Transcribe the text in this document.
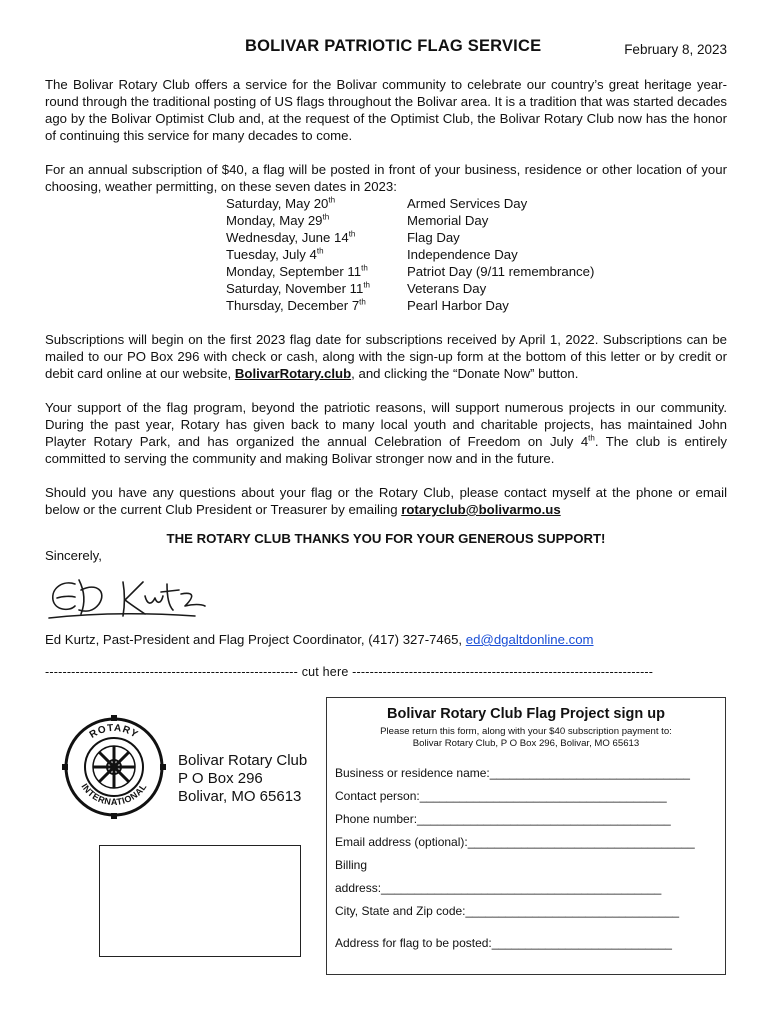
BOLIVAR PATRIOTIC FLAG SERVICE	February 8, 2023

The Bolivar Rotary Club offers a service for the Bolivar community to celebrate our country’s great heritage year-round through the traditional posting of US flags throughout the Bolivar area. It is a tradition that was started decades ago by the Bolivar Optimist Club and, at the request of the Optimist Club, the Bolivar Rotary Club now has the honor of continuing this service for many decades to come.

For an annual subscription of $40, a flag will be posted in front of your business, residence or other location of your choosing, weather permitting, on these seven dates in 2023:

Saturday, May 20th	Armed Services Day
Monday, May 29th	Memorial Day
Wednesday, June 14th	Flag Day
Tuesday, July 4th	Independence Day
Monday, September 11th	Patriot Day (9/11 remembrance)
Saturday, November 11th	Veterans Day
Thursday, December 7th	Pearl Harbor Day

Subscriptions will begin on the first 2023 flag date for subscriptions received by April 1, 2022. Subscriptions can be mailed to our PO Box 296 with check or cash, along with the sign-up form at the bottom of this letter or by credit or debit card online at our website, BolivarRotary.club, and clicking the “Donate Now” button.

Your support of the flag program, beyond the patriotic reasons, will support numerous projects in our community. During the past year, Rotary has given back to many local youth and charitable projects, has maintained John Playter Rotary Park, and has organized the annual Celebration of Freedom on July 4th. The club is entirely committed to serving the community and making Bolivar stronger now and in the future.

Should you have any questions about your flag or the Rotary Club, please contact myself at the phone or email below or the current Club President or Treasurer by emailing rotaryclub@bolivarmo.us

THE ROTARY CLUB THANKS YOU FOR YOUR GENEROUS SUPPORT!
Sincerely,
Ed Kurtz, Past-President and Flag Project Coordinator, (417) 327-7465, ed@dgaltdonline.com
---------------------------------------------------------- cut here ---------------------------------------------------------------------
ROTARY
INTERNATIONAL
Bolivar Rotary Club
P O Box 296
Bolivar, MO 65613
Bolivar Rotary Club Flag Project sign up
Please return this form, along with your $40 subscription payment to:
Bolivar Rotary Club, P O Box 296, Bolivar, MO 65613
Business or residence name:______________________________
Contact person:_____________________________________
Phone number:______________________________________
Email address (optional):__________________________________
Billing
address:__________________________________________
City, State and Zip code:________________________________
Address for flag to be posted:___________________________
